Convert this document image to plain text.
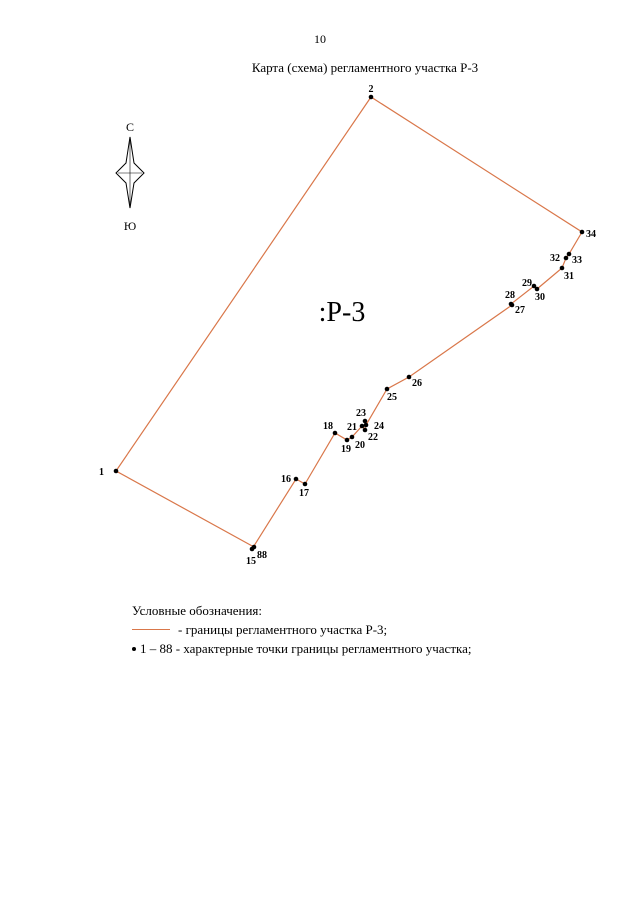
10
Карта (схема) регламентного участка Р-3
С
Ю
1
2
34
33
32
31
30
29
28
27
26
25
24
23
22
21
20
19
18
17
16
15
88
:Р-3
Условные обозначения:
- границы регламентного участка Р-3;
1 – 88 - характерные точки границы регламентного участка;
